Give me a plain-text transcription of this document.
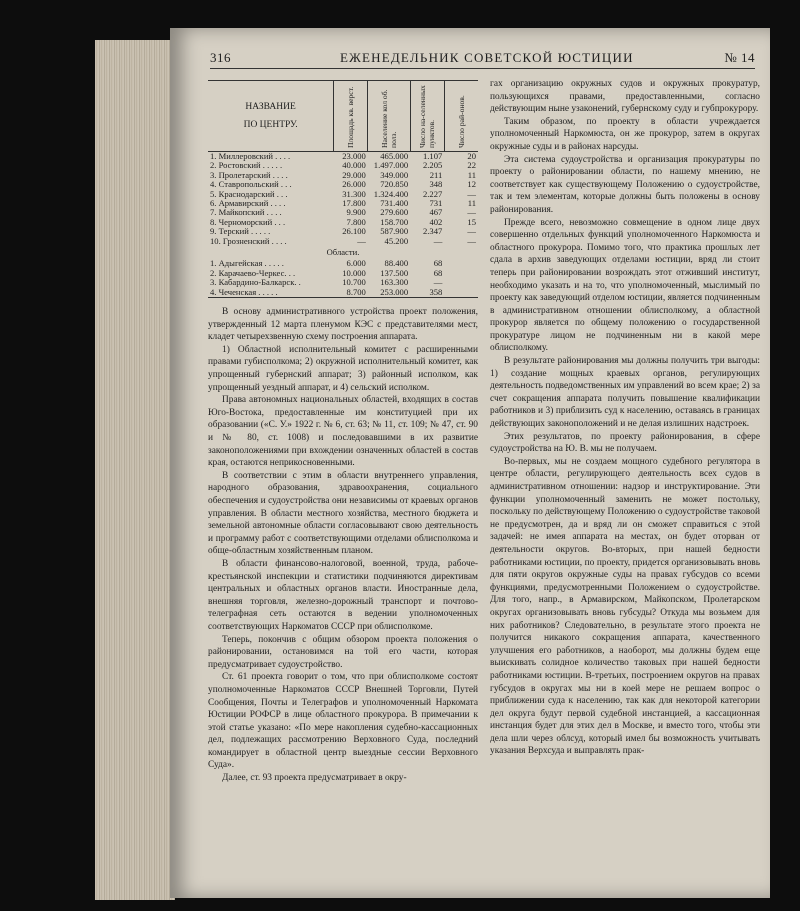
316	ЕЖЕНЕДЕЛЬНИК СОВЕТСКОЙ ЮСТИЦИИ	№ 14
НАЗВАНИЕ
ПО ЦЕНТРУ.	Площадь кв. верст.	Население кол об. полз.	Число на-селенных пунктов.	Число рай-онов.

1. Миллеровский . . . .	23.000	465.000	1.107	20
2. Ростовский . . . . .	40.000	1.497.000	2.205	22
3. Пролетарский . . . .	29.000	349.000	211	11
4. Ставропольский . . .	26.000	720.850	348	12
5. Краснодарский . . .	31.300	1.324.400	2.227	—
6. Армавирский . . . .	17.800	731.400	731	11
7. Майкопский . . . .	9.900	279.600	467	—
8. Черноморский . . .	7.800	158.700	402	15
9. Терский . . . . .	26.100	587.900	2.347	—
10. Грозненский . . . .	—	45.200	—	—
Области.				
1. Адыгейская . . . . .	6.000	88.400	68	
2. Карачаево-Черкес. . .	10.000	137.500	68	
3. Кабардино-Балкарск. .	10.700	163.300	—	
4. Чеченская . . . . .	8.700	253.000	358	

В основу административного устройства проект положения, утвержденный 12 марта пленумом КЭС с представителями мест, кладет четырехзвенную схему построения аппарата.

1) Областной исполнительный комитет с расширенными правами губисполкома; 2) окружной исполнительный комитет, как упрощенный губернский аппарат; 3) районный исполком, как упрощенный уездный аппарат, и 4) сельский исполком.

Права автономных национальных областей, входящих в состав Юго-Востока, предоставленные им конституцией при их образовании («С. У.» 1922 г. № 6, ст. 63; № 11, ст. 109; № 47, ст. 90 и № 80, ст. 1008) и последовавшими в их развитие законоположениями при вхождении означенных областей в состав края, остаются неприкосновенными.

В соответствии с этим в области внутреннего управления, народного образования, здравоохранения, социального обеспечения и судоустройства они независимы от краевых органов управления. В области местного хозяйства, местного бюджета и земельной автономные области согласовывают свою деятельность и программу работ с соответствующими отделами облисполкома и обще-областным хозяйственным планом.

В области финансово-налоговой, военной, труда, рабоче-крестьянской инспекции и статистики подчиняются директивам центральных и областных органов власти. Иностранные дела, внешняя торговля, железно-дорожный транспорт и почтово-телеграфная сеть остаются в ведении уполномоченных соответствующих Наркоматов СССР при облисполкоме.

Теперь, покончив с общим обзором проекта положения о районировании, остановимся на той его части, которая предусматривает судоустройство.

Ст. 61 проекта говорит о том, что при облисполкоме состоят уполномоченные Наркоматов СССР Внешней Торговли, Путей Сообщения, Почты и Телеграфов и уполномоченный Наркомата Юстиции РОФСР в лице областного прокурора. В примечании к этой статье указано: «По мере накопления судебно-кассационных дел, подлежащих рассмотрению Верховного Суда, последний командирует в областной центр выездные сессии Верховного Суда».

Далее, ст. 93 проекта предусматривает в окру-

гах организацию окружных судов и окружных прокуратур, пользующихся правами, предоставленными, согласно действующим ныне узаконений, губернскому суду и губпрокурору.

Таким образом, по проекту в области учреждается уполномоченный Наркомюста, он же прокурор, затем в округах окружные суды и в районах нарсуды.

Эта система судоустройства и организация прокуратуры по проекту о районировании области, по нашему мнению, не соответствует как существующему Положению о судоустройстве, так и тем элементам, которые должны быть положены в основу районирования.

Прежде всего, невозможно совмещение в одном лице двух совершенно отдельных функций уполномоченного Наркомюста и областного прокурора. Помимо того, что практика прошлых лет сдала в архив заведующих отделами юстиции, вряд ли стоит теперь при районировании возрождать этот отживший институт, необходимо указать и на то, что уполномоченный, мыслимый по проекту как заведующий отделом юстиции, является подчиненным в административном отношении облисполкому, а областной прокурор является по общему положению о государственной прокуратуре лицом не подчиненным ни в какой мере облисполкому.

В результате районирования мы должны получить три выгоды: 1) создание мощных краевых органов, регулирующих деятельность подведомственных им управлений во всем крае; 2) за счет сокращения аппарата получить повышение квалификации работников и 3) приблизить суд к населению, оставаясь в границах действующих законоположений и не делая излишних надстроек.

Этих результатов, по проекту районирования, в сфере судоустройства на Ю. В. мы не получаем.

Во-первых, мы не создаем мощного судебного регулятора в центре области, регулирующего деятельность всех судов в административном отношении: надзор и инструктирование. Эти функции уполномоченный заменить не может постольку, поскольку по действующему Положению о судоустройстве таковой не предусмотрен, да и вряд ли он сможет справиться с этой задачей: не имея аппарата на местах, он будет оторван от деятельности округов. Во-вторых, при нашей бедности работниками юстиции, по проекту, придется организовывать вновь для пяти округов окружные суды на правах губсудов со всеми функциями, предусмотренными Положением о судоустройстве. Для того, напр., в Армавирском, Майкопском, Пролетарском округах организовывать вновь губсуды? Откуда мы возьмем для них работников? Следовательно, в результате этого проекта не получится никакого сокращения аппарата, качественного улучшения его работников, а наоборот, мы должны будем еще выискивать солидное количество таковых при нашей бедности работниками юстиции. В-третьих, построением округов на правах губсудов в округах мы ни в коей мере не решаем вопрос о приближении суда к населению, так как для некоторой категории дел округа будут первой судебной инстанцией, а кассационная инстанция будет для этих дел в Москве, и вместо того, чтобы эти дела шли через облсуд, который имел бы возможность учитывать указания Верхсуда и выправлять прак-
